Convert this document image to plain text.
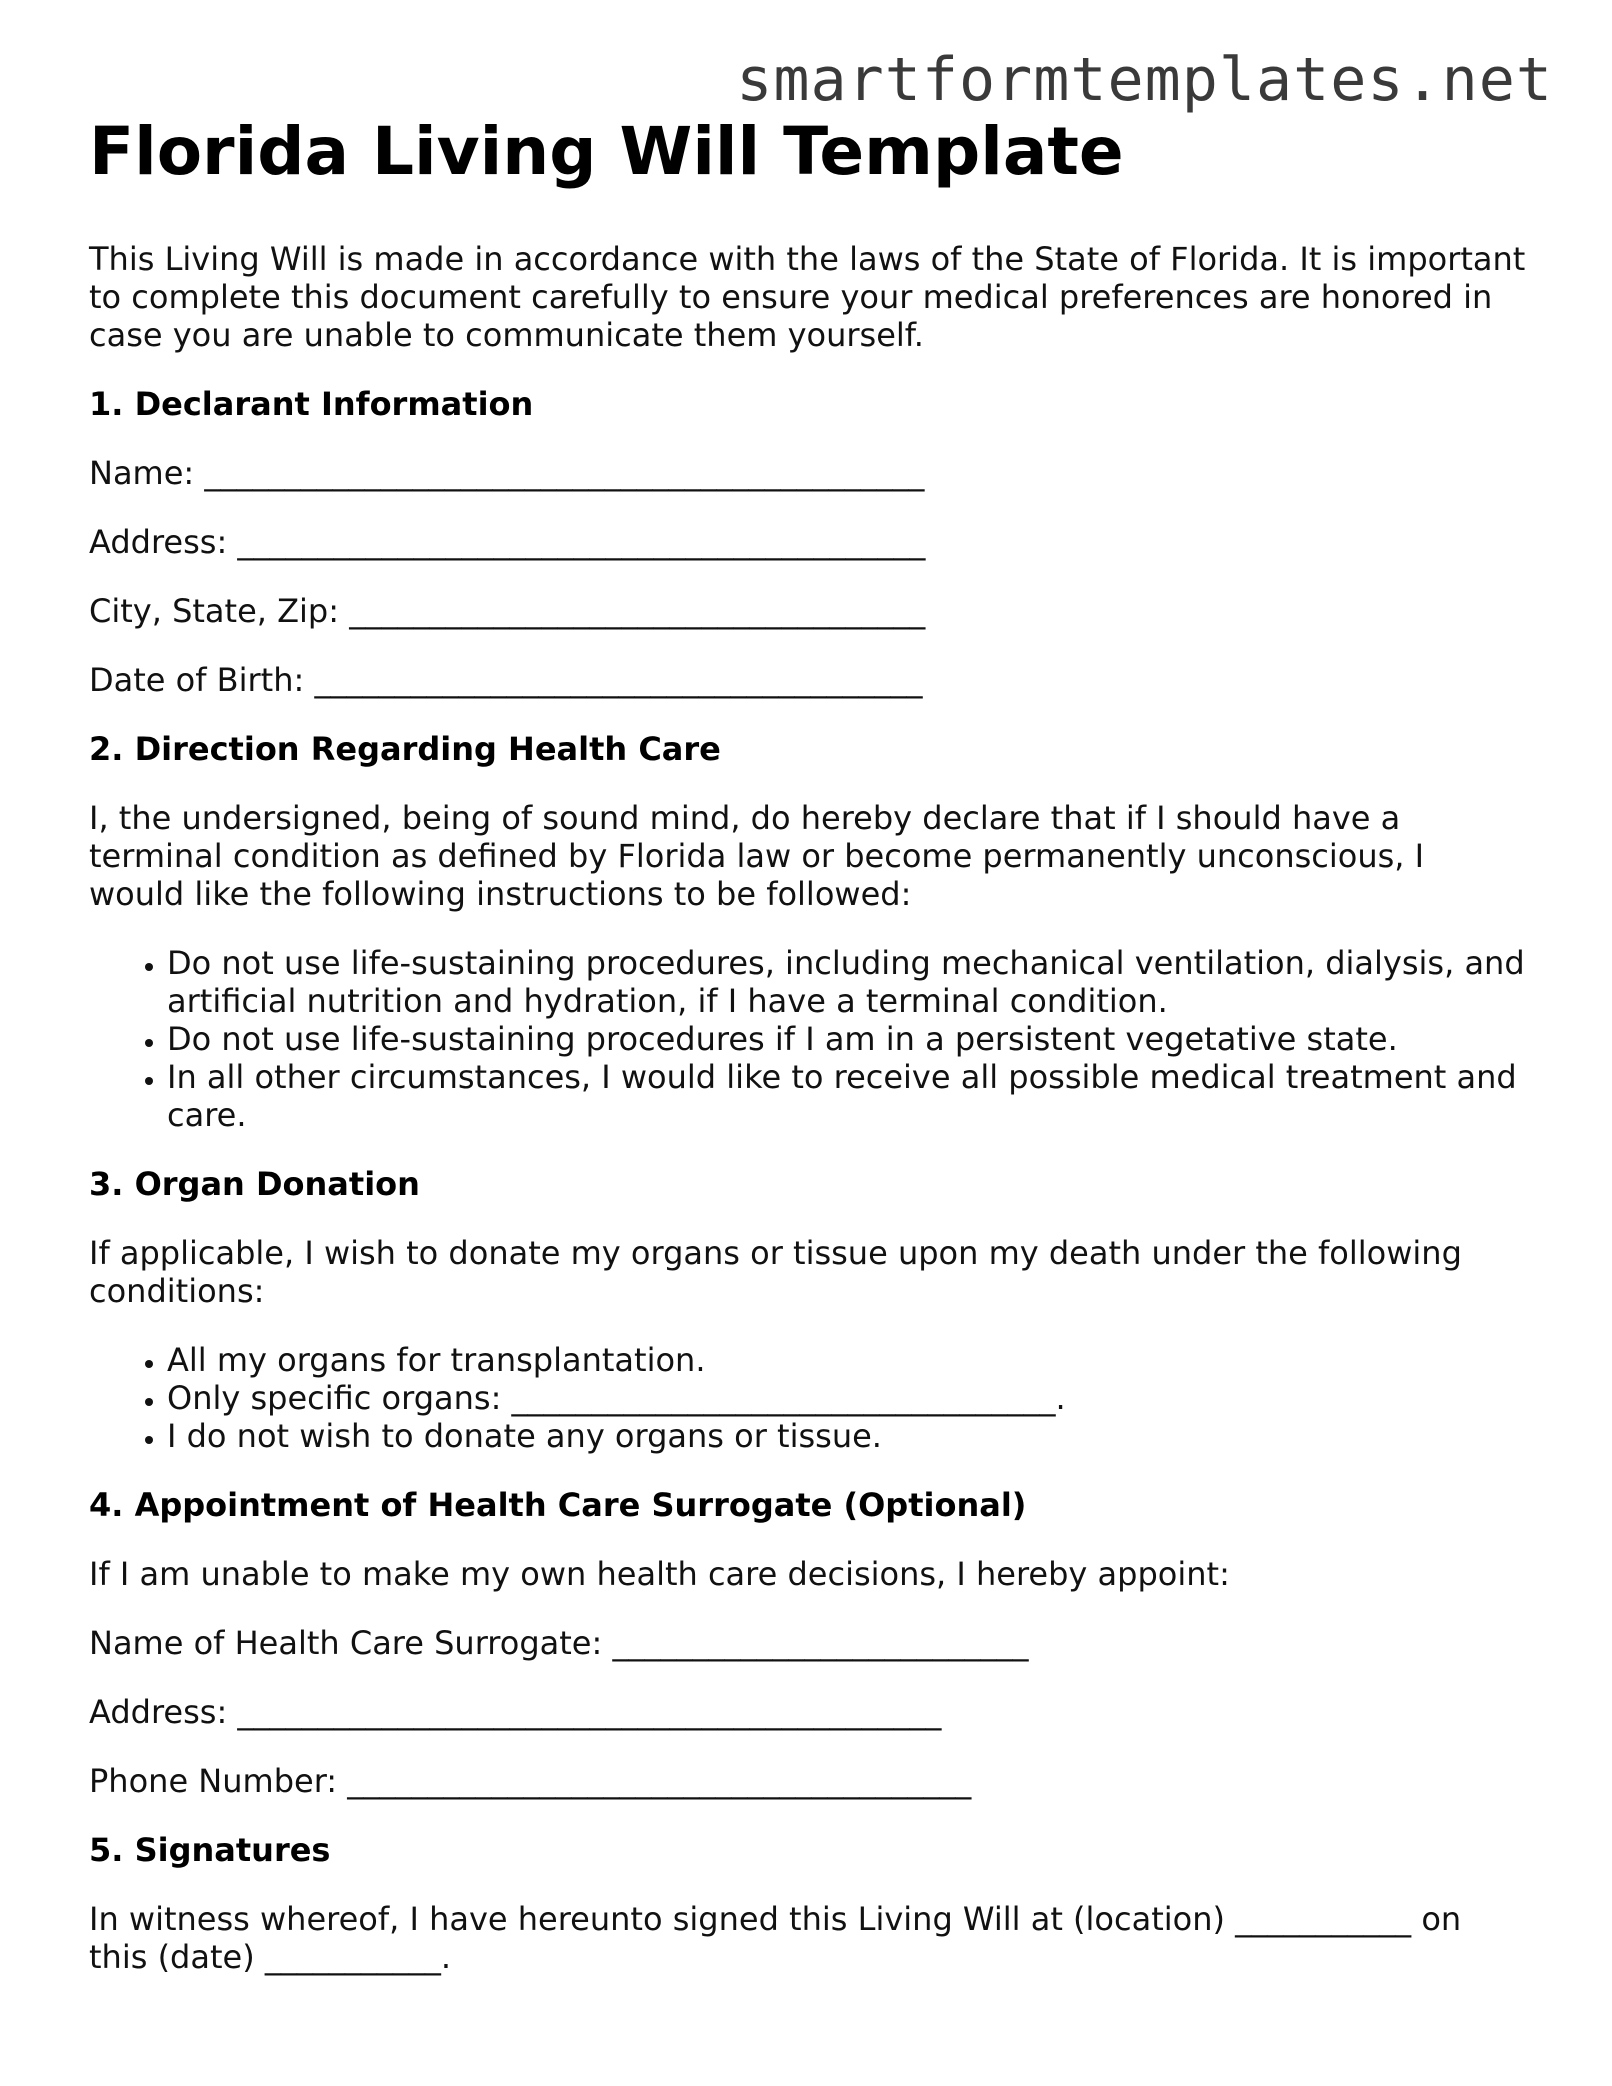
smartformtemplates.net
Florida Living Will Template

This Living Will is made in accordance with the laws of the State of Florida. It is important to complete this document carefully to ensure your medical preferences are honored in case you are unable to communicate them yourself.

1. Declarant Information

Name: _____________________________________________

Address: ___________________________________________

City, State, Zip: ____________________________________

Date of Birth: ______________________________________

2. Direction Regarding Health Care

I, the undersigned, being of sound mind, do hereby declare that if I should have a terminal condition as defined by Florida law or become permanently unconscious, I would like the following instructions to be followed:

• Do not use life-sustaining procedures, including mechanical ventilation, dialysis, and artificial nutrition and hydration, if I have a terminal condition.
• Do not use life-sustaining procedures if I am in a persistent vegetative state.
• In all other circumstances, I would like to receive all possible medical treatment and care.
3. Organ Donation

If applicable, I wish to donate my organs or tissue upon my death under the following conditions:

• All my organs for transplantation.
• Only specific organs: __________________________________.
• I do not wish to donate any organs or tissue.
4. Appointment of Health Care Surrogate (Optional)

If I am unable to make my own health care decisions, I hereby appoint:

Name of Health Care Surrogate: __________________________

Address: ____________________________________________

Phone Number: _______________________________________

5. Signatures

In witness whereof, I have hereunto signed this Living Will at (location) ___________ on this (date) ___________.
